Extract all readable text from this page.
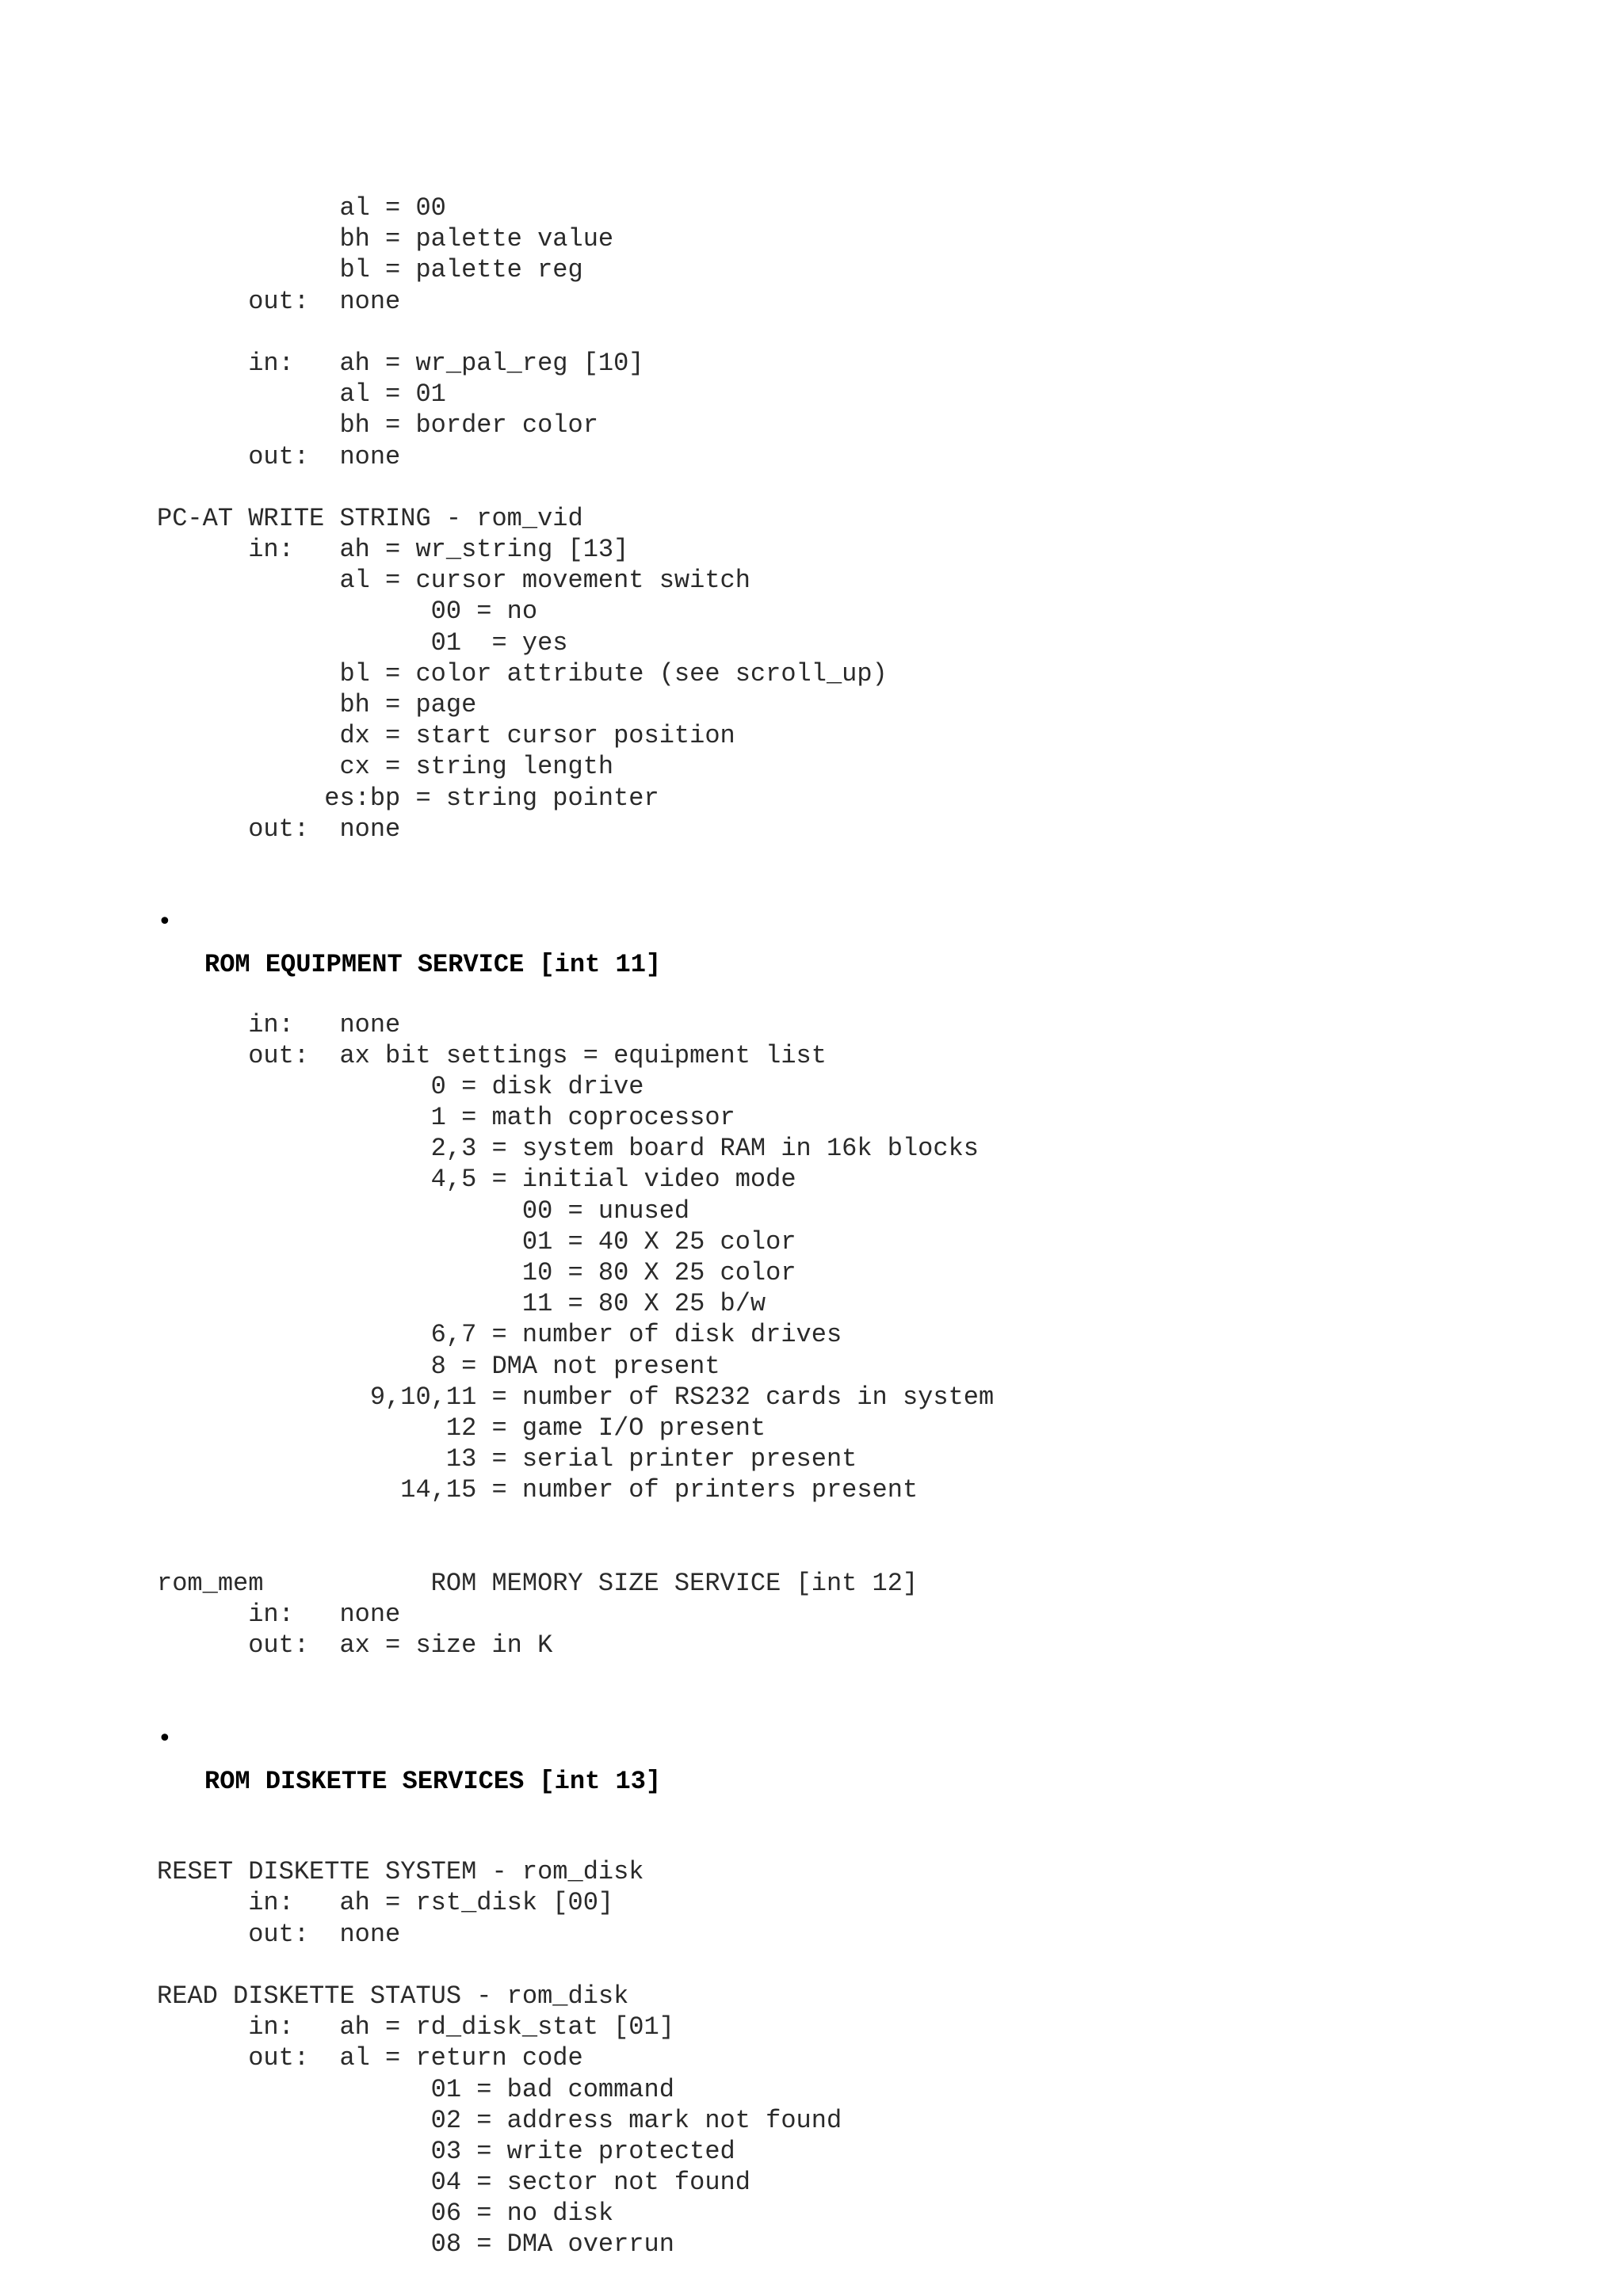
al = 00
bh = palette value
bl = palette reg
out:  none
in:   ah = wr_pal_reg [10]
al = 01
bh = border color
out:  none
PC-AT WRITE STRING - rom_vid
in:   ah = wr_string [13]
al = cursor movement switch
00 = no
01  = yes
bl = color attribute (see scroll_up)
bh = page
dx = start cursor position
cx = string length
es:bp = string pointer
out:  none

•

ROM EQUIPMENT SERVICE [int 11]

in:   none
out:  ax bit settings = equipment list
0 = disk drive
1 = math coprocessor
2,3 = system board RAM in 16k blocks
4,5 = initial video mode
00 = unused
01 = 40 X 25 color
10 = 80 X 25 color
11 = 80 X 25 b/w
6,7 = number of disk drives
8 = DMA not present
9,10,11 = number of RS232 cards in system
12 = game I/O present
13 = serial printer present
14,15 = number of printers present
rom_mem           ROM MEMORY SIZE SERVICE [int 12]
in:   none
out:  ax = size in K

•

ROM DISKETTE SERVICES [int 13]

RESET DISKETTE SYSTEM - rom_disk
in:   ah = rst_disk [00]
out:  none
READ DISKETTE STATUS - rom_disk
in:   ah = rd_disk_stat [01]
out:  al = return code
01 = bad command
02 = address mark not found
03 = write protected
04 = sector not found
06 = no disk
08 = DMA overrun
